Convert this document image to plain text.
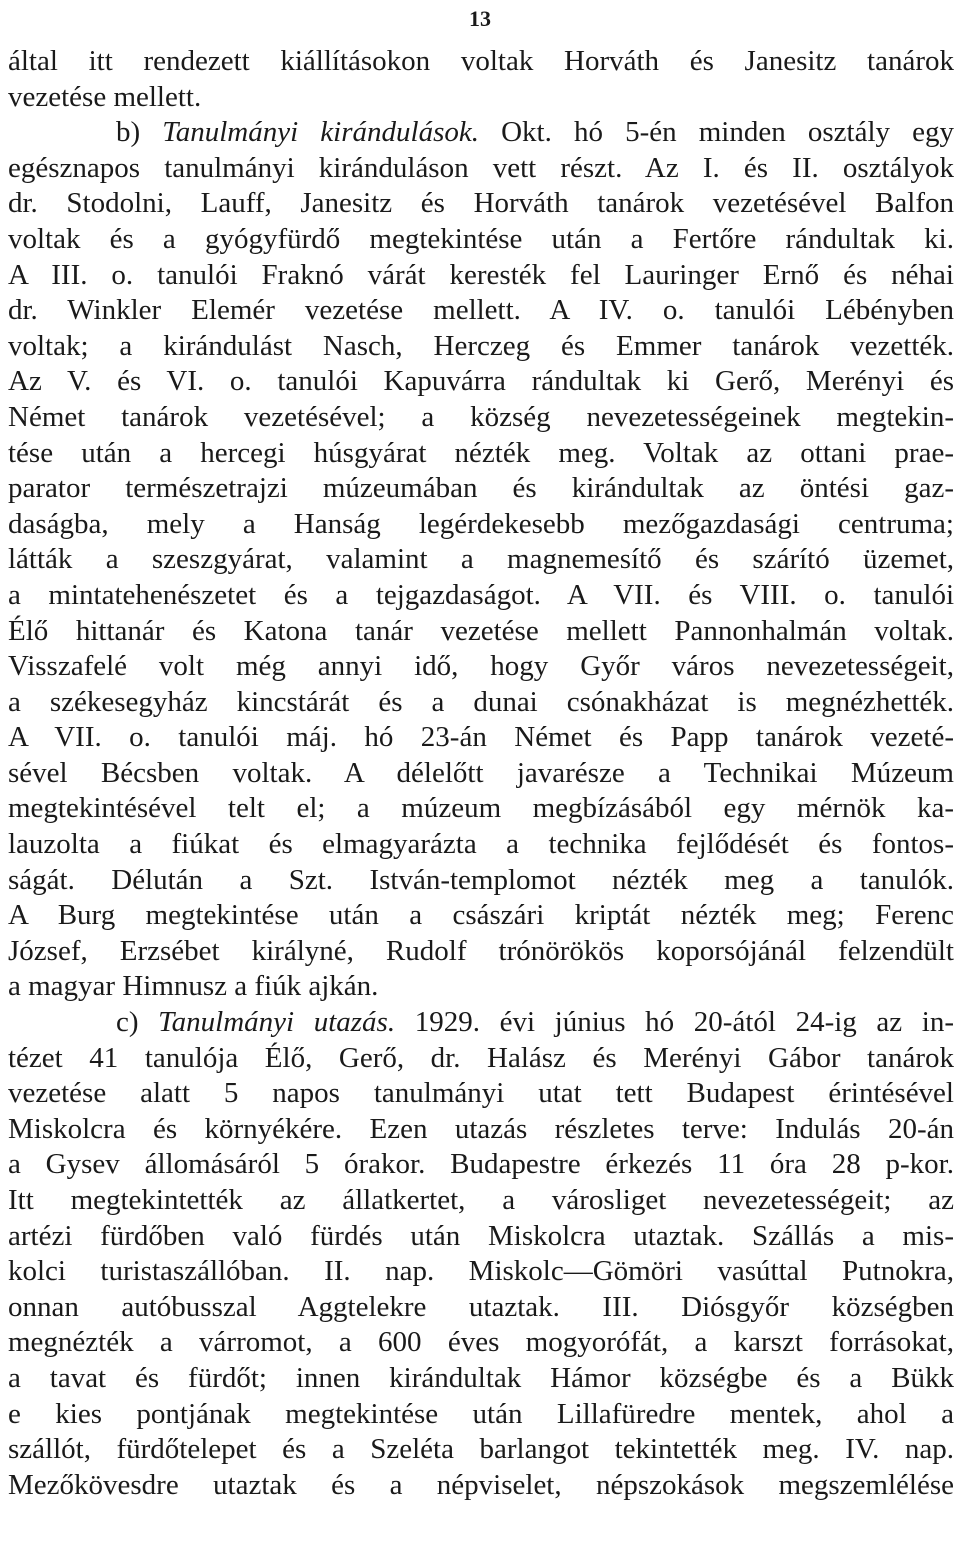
13
által itt rendezett kiállításokon voltak Horváth és Janesitz tanárok
vezetése mellett.
b) Tanulmányi kirándulások. Okt. hó 5-én minden osztály egy
egésznapos tanulmányi kiránduláson vett részt. Az I. és II. osztályok
dr. Stodolni, Lauff, Janesitz és Horváth tanárok vezetésével Balfon
voltak és a gyógyfürdő megtekintése után a Fertőre rándultak ki.
A III. o. tanulói Fraknó várát keresték fel Lauringer Ernő és néhai
dr. Winkler Elemér vezetése mellett. A IV. o. tanulói Lébényben
voltak; a kirándulást Nasch, Herczeg és Emmer tanárok vezették.
Az V. és VI. o. tanulói Kapuvárra rándultak ki Gerő, Merényi és
Német tanárok vezetésével; a község nevezetességeinek megtekin-
tése után a hercegi húsgyárat nézték meg. Voltak az ottani prae-
parator természetrajzi múzeumában és kirándultak az öntési gaz-
daságba, mely a Hanság legérdekesebb mezőgazdasági centruma;
látták a szeszgyárat, valamint a magnemesítő és szárító üzemet,
a mintatehenészetet és a tejgazdaságot. A VII. és VIII. o. tanulói
Élő hittanár és Katona tanár vezetése mellett Pannonhalmán voltak.
Visszafelé volt még annyi idő, hogy Győr város nevezetességeit,
a székesegyház kincstárát és a dunai csónakházat is megnézhették.
A VII. o. tanulói máj. hó 23-án Német és Papp tanárok vezeté-
sével Bécsben voltak. A délelőtt javarésze a Technikai Múzeum
megtekintésével telt el; a múzeum megbízásából egy mérnök ka-
lauzolta a fiúkat és elmagyarázta a technika fejlődését és fontos-
ságát. Délután a Szt. István-templomot nézték meg a tanulók.
A Burg megtekintése után a császári kriptát nézték meg; Ferenc
József, Erzsébet királyné, Rudolf trónörökös koporsójánál felzendült
a magyar Himnusz a fiúk ajkán.
c) Tanulmányi utazás. 1929. évi június hó 20-ától 24-ig az in-
tézet 41 tanulója Élő, Gerő, dr. Halász és Merényi Gábor tanárok
vezetése alatt 5 napos tanulmányi utat tett Budapest érintésével
Miskolcra és környékére. Ezen utazás részletes terve: Indulás 20-án
a Gysev állomásáról 5 órakor. Budapestre érkezés 11 óra 28 p-kor.
Itt megtekintették az állatkertet, a városliget nevezetességeit; az
artézi fürdőben való fürdés után Miskolcra utaztak. Szállás a mis-
kolci turistaszállóban. II. nap. Miskolc—Gömöri vasúttal Putnokra,
onnan autóbusszal Aggtelekre utaztak. III. Diósgyőr községben
megnézték a várromot, a 600 éves mogyorófát, a karszt forrásokat,
a tavat és fürdőt; innen kirándultak Hámor községbe és a Bükk
e kies pontjának megtekintése után Lillafüredre mentek, ahol a
szállót, fürdőtelepet és a Szeléta barlangot tekintették meg. IV. nap.
Mezőkövesdre utaztak és a népviselet, népszokások megszemlélése
